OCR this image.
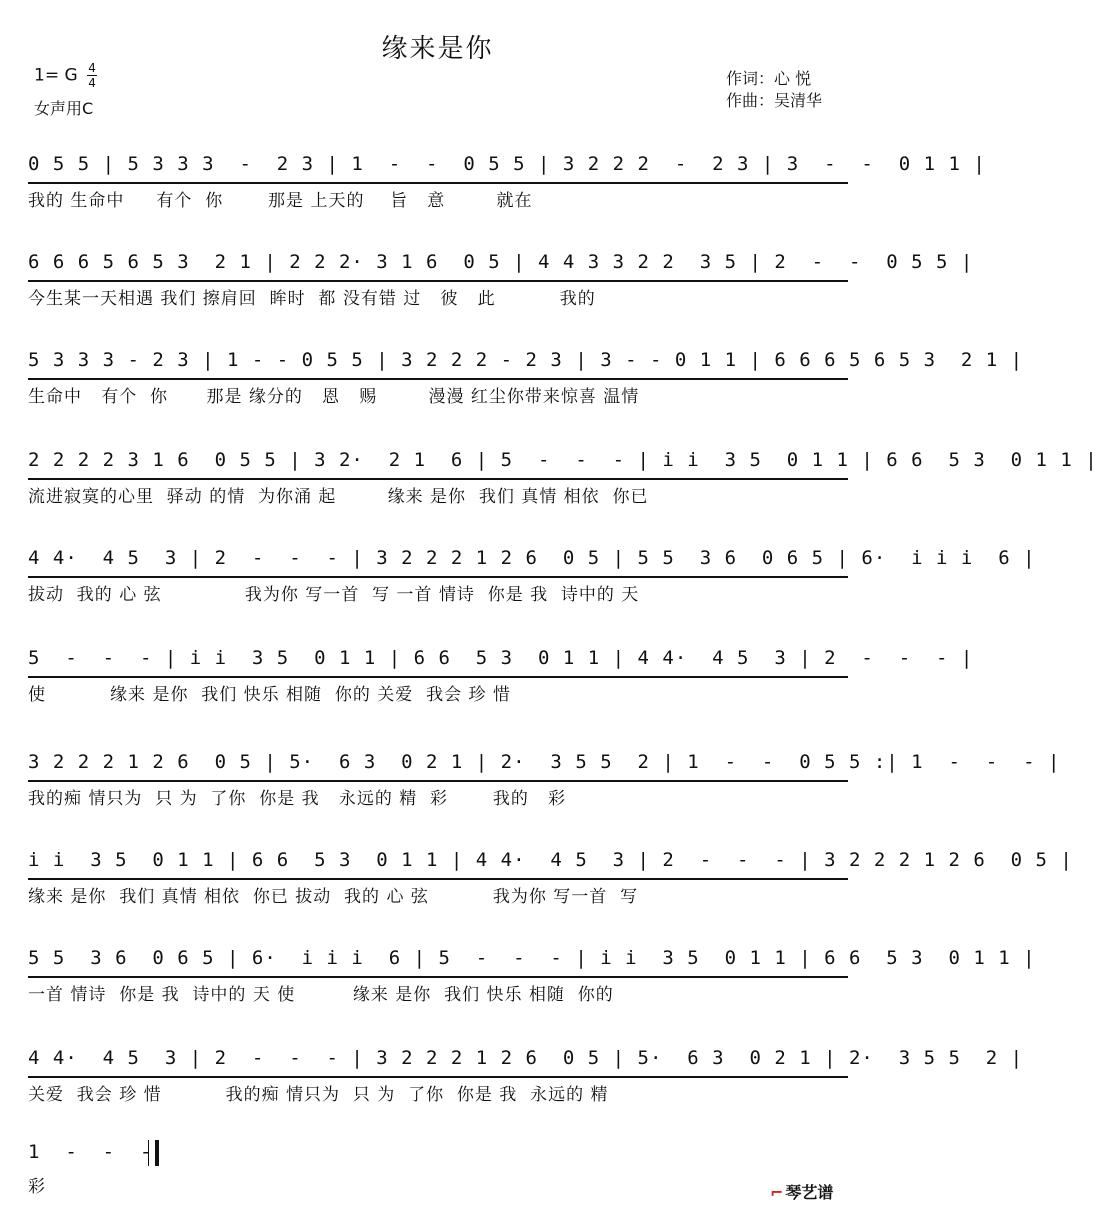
缘来是你
1= G $\frac{4}{4}$
女声用C
作词：心 悦
作曲：吴清华
0 5 5 | 5 3 3 3  -  2 3 | 1  -  -  0 5 5 | 3 2 2 2  -  2 3 | 3  -  -  0 1 1 |
我的 生命中     有个  你       那是 上天的    旨   意        就在
6 6 6 5 6 5 3  2 1 | 2 2 2· 3 1 6  0 5 | 4 4 3 3 2 2  3 5 | 2  -  -  0 5 5 |
今生某一天相遇 我们 擦肩回  眸时  都 没有错 过   彼   此          我的
5 3 3 3 - 2 3 | 1 - - 0 5 5 | 3 2 2 2 - 2 3 | 3 - - 0 1 1 | 6 6 6 5 6 5 3  2 1 |
生命中   有个  你      那是 缘分的   恩   赐        漫漫 红尘你带来惊喜 温情
2 2 2 2 3 1 6  0 5 5 | 3 2·  2 1  6 | 5  -  -  - | i i  3 5  0 1 1 | 6 6  5 3  0 1 1 |
流进寂寞的心里  驿动 的情  为你涌 起        缘来 是你  我们 真情 相依  你已
4 4·  4 5  3 | 2  -  -  - | 3 2 2 2 1 2 6  0 5 | 5 5  3 6  0 6 5 | 6·  i i i  6 |
拔动  我的 心 弦             我为你 写一首  写 一首 情诗  你是 我  诗中的 天
5  -  -  - | i i  3 5  0 1 1 | 6 6  5 3  0 1 1 | 4 4·  4 5  3 | 2  -  -  - |
使          缘来 是你  我们 快乐 相随  你的 关爱  我会 珍 惜
3 2 2 2 1 2 6  0 5 | 5·  6 3  0 2 1 | 2·  3 5 5  2 | 1  -  -  0 5 5 :| 1  -  -  - |
我的痴 情只为  只 为  了你  你是 我   永远的 精  彩       我的   彩
i i  3 5  0 1 1 | 6 6  5 3  0 1 1 | 4 4·  4 5  3 | 2  -  -  - | 3 2 2 2 1 2 6  0 5 |
缘来 是你  我们 真情 相依  你已 拔动  我的 心 弦          我为你 写一首  写
5 5  3 6  0 6 5 | 6·  i i i  6 | 5  -  -  - | i i  3 5  0 1 1 | 6 6  5 3  0 1 1 |
一首 情诗  你是 我  诗中的 天 使         缘来 是你  我们 快乐 相随  你的
4 4·  4 5  3 | 2  -  -  - | 3 2 2 2 1 2 6  0 5 | 5·  6 3  0 2 1 | 2·  3 5 5  2 |
关爱  我会 珍 惜          我的痴 情只为  只 为  了你  你是 我  永远的 精
1  -  -  -
彩	⌐ 琴艺谱
